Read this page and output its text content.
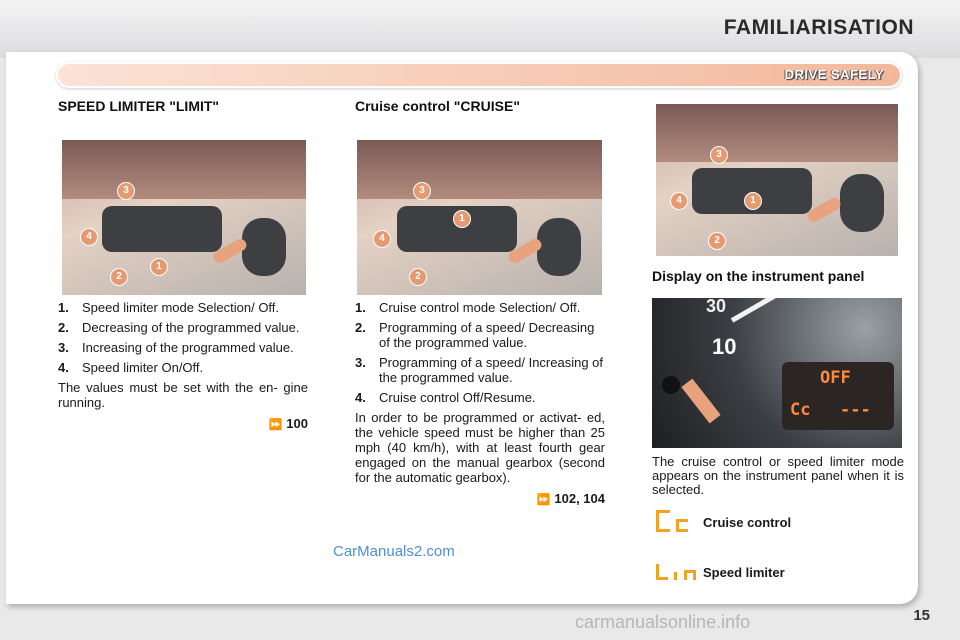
FAMILIARISATION
DRIVE SAFELY
SPEED LIMITER "LIMIT"
3
4
1
2
1. Speed limiter mode Selection/ Off.
2. Decreasing of the programmed value.
3. Increasing of the programmed value.
4. Speed limiter On/Off.
The values must be set with the en- gine running.
⏩ 100
Cruise control "CRUISE"
3
1
4
2
1. Cruise control mode Selection/ Off.
2. Programming of a speed/ Decreasing of the programmed value.
3. Programming of a speed/ Increasing of the programmed value.
4. Cruise control Off/Resume.
In order to be programmed or activat- ed, the vehicle speed must be higher than 25 mph (40 km/h), with at least fourth gear engaged on the manual gearbox (second for the automatic gearbox).
⏩ 102, 104
3
4	1
2
Display on the instrument panel
30
10
OFF
Cc ---
The cruise control or speed limiter mode appears on the instrument panel when it is selected.
Cruise control
Speed limiter
CarManuals2.com
15
carmanualsonline.info
